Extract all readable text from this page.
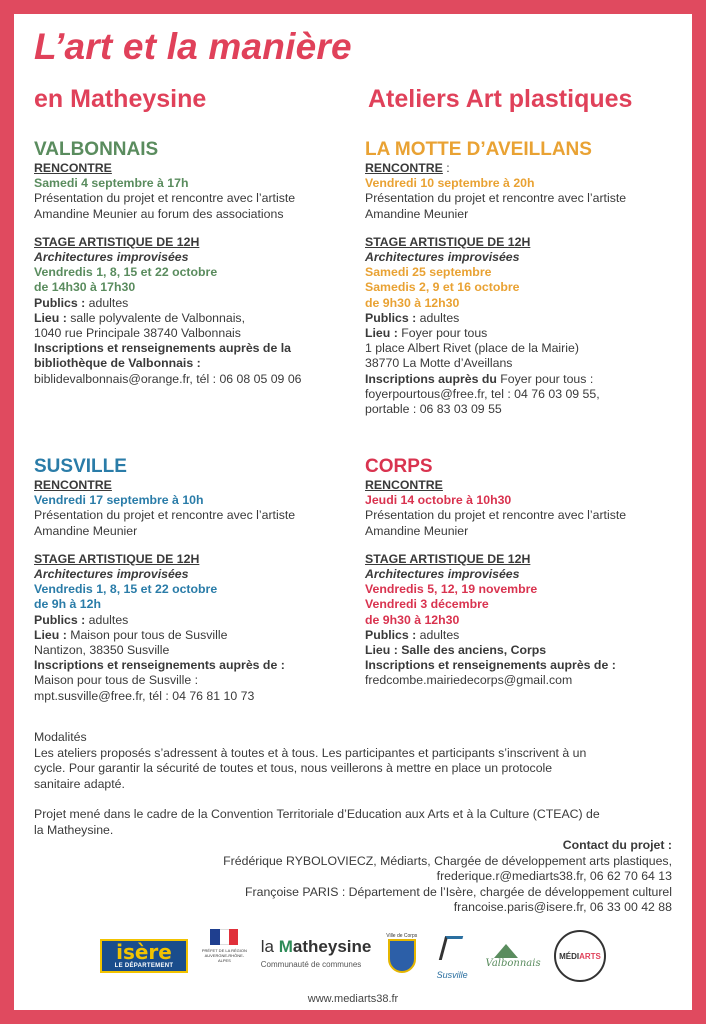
L’art et la manière
en Matheysine	Ateliers Art plastiques
VALBONNAIS
RENCONTRE
Samedi 4 septembre à 17h
Présentation du projet et rencontre avec l’artiste
Amandine Meunier au forum des associations
STAGE ARTISTIQUE DE 12H
Architectures improvisées
Vendredis 1, 8, 15 et 22 octobre
de 14h30 à 17h30
Publics : adultes
Lieu : salle polyvalente de Valbonnais,
1040 rue Principale 38740 Valbonnais
Inscriptions et renseignements auprès de la
bibliothèque de Valbonnais :
biblidevalbonnais@orange.fr, tél : 06 08 05 09 06
LA MOTTE D’AVEILLANS
RENCONTRE :
Vendredi 10 septembre à 20h
Présentation du projet et rencontre avec l’artiste
Amandine Meunier
STAGE ARTISTIQUE DE 12H
Architectures improvisées
Samedi 25 septembre
Samedis 2, 9 et 16 octobre
de 9h30 à 12h30
Publics : adultes
Lieu : Foyer pour tous
1 place Albert Rivet (place de la Mairie)
38770 La Motte d’Aveillans
Inscriptions auprès du Foyer pour tous :
foyerpourtous@free.fr, tel : 04 76 03 09 55,
portable : 06 83 03 09 55
SUSVILLE
RENCONTRE
Vendredi 17 septembre à 10h
Présentation du projet et rencontre avec l’artiste
Amandine Meunier
STAGE ARTISTIQUE DE 12H
Architectures improvisées
Vendredis 1, 8, 15 et 22 octobre
de 9h à 12h
Publics : adultes
Lieu : Maison pour tous de Susville
Nantizon, 38350 Susville
Inscriptions et renseignements auprès de :
Maison pour tous de Susville :
mpt.susville@free.fr, tél : 04 76 81 10 73
CORPS
RENCONTRE
Jeudi 14 octobre à 10h30
Présentation du projet et rencontre avec l’artiste
Amandine Meunier
STAGE ARTISTIQUE DE 12H
Architectures improvisées
Vendredis 5, 12, 19 novembre
Vendredi 3 décembre
de 9h30 à 12h30
Publics : adultes
Lieu : Salle des anciens, Corps
Inscriptions et renseignements auprès de :
fredcombe.mairiedecorps@gmail.com

Modalités

Les ateliers proposés s’adressent à toutes et à tous. Les participantes et participants s’inscrivent à un

cycle. Pour garantir la sécurité de toutes et tous, nous veillerons à mettre en place un protocole

sanitaire adapté.

Projet mené dans le cadre de la Convention Territoriale d’Education aux Arts et à la Culture (CTEAC) de

la Matheysine.

Contact du projet :
Frédérique RYBOLOVIECZ, Médiarts, Chargée de développement arts plastiques,
frederique.r@mediarts38.fr, 06 62 70 64 13
Françoise PARIS : Département de l’Isère, chargée de développement culturel
francoise.paris@isere.fr, 06 33 00 42 88
isère
LE DÉPARTEMENT
PRÉFET DE LA RÉGION AUVERGNE-RHÔNE-ALPES
la Matheysine
Communauté de communes
Ville de Corps
Susville
Valbonnais
MÉDI ARTS
www.mediarts38.fr
